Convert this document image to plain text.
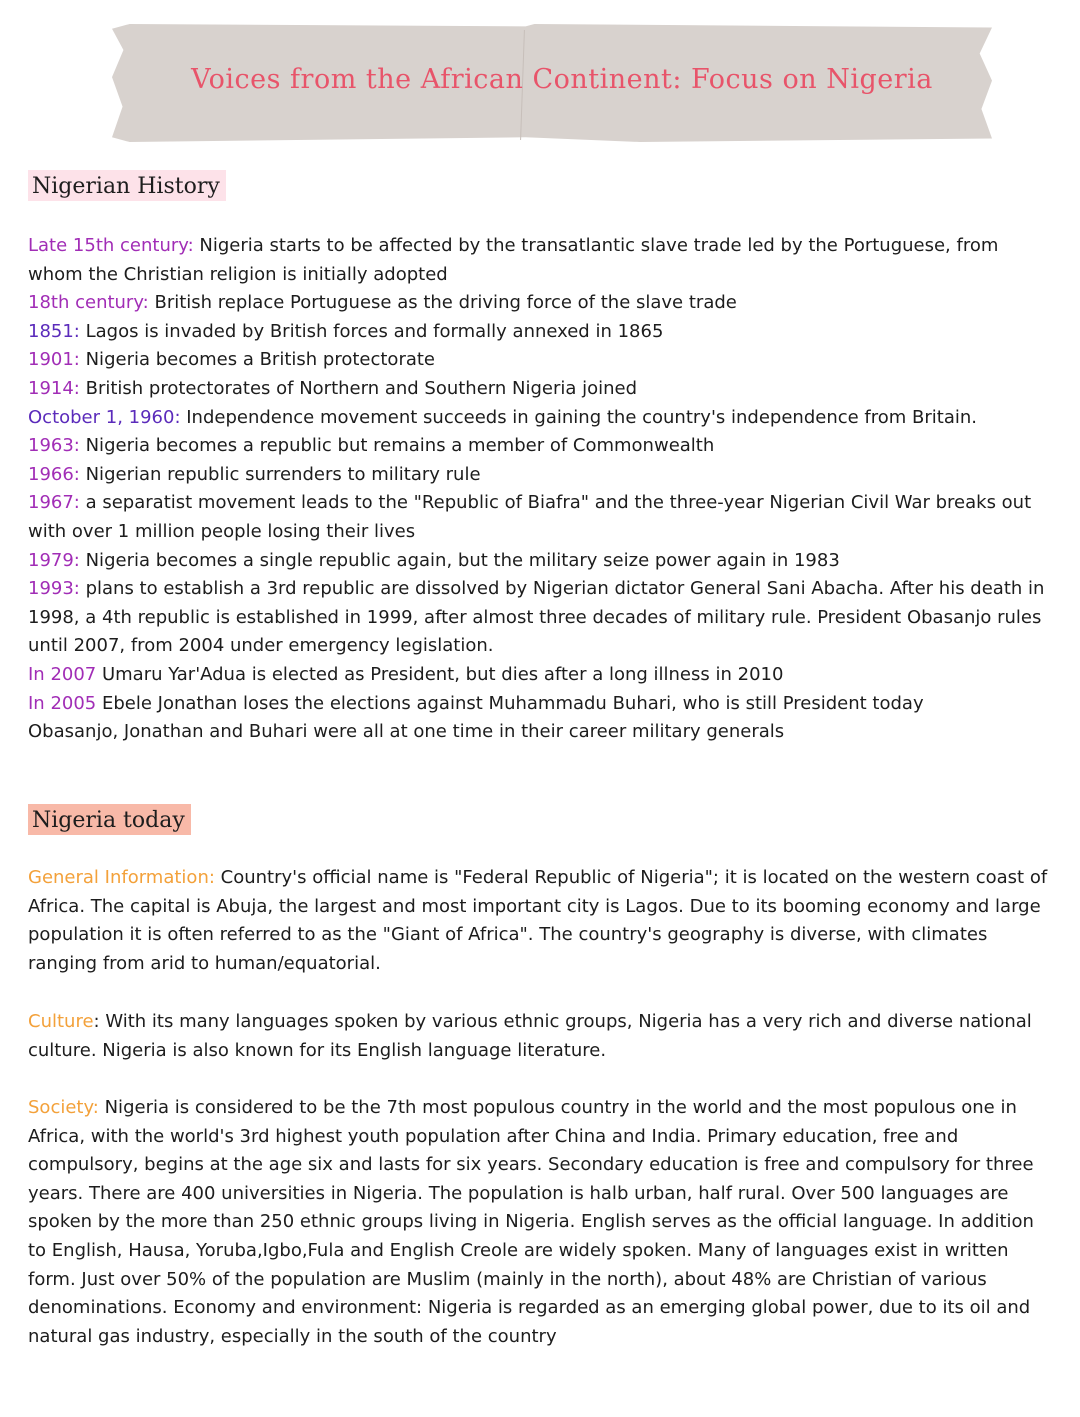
Voices from the African Continent: Focus on Nigeria
Nigerian History

Late 15th century: Nigeria starts to be affected by the transatlantic slave trade led by the Portuguese, from whom the Christian religion is initially adopted

18th century: British replace Portuguese as the driving force of the slave trade

1851: Lagos is invaded by British forces and formally annexed in 1865

1901: Nigeria becomes a British protectorate

1914: British protectorates of Northern and Southern Nigeria joined

October 1, 1960: Independence movement succeeds in gaining the country's independence from Britain.

1963: Nigeria becomes a republic but remains a member of Commonwealth

1966: Nigerian republic surrenders to military rule

1967: a separatist movement leads to the "Republic of Biafra" and the three-year Nigerian Civil War breaks out with over 1 million people losing their lives

1979: Nigeria becomes a single republic again, but the military seize power again in 1983

1993: plans to establish a 3rd republic are dissolved by Nigerian dictator General Sani Abacha. After his death in 1998, a 4th republic is established in 1999, after almost three decades of military rule. President Obasanjo rules until 2007, from 2004 under emergency legislation.

In 2007 Umaru Yar'Adua is elected as President, but dies after a long illness in 2010

In 2005 Ebele Jonathan loses the elections against Muhammadu Buhari, who is still President today

Obasanjo, Jonathan and Buhari were all at one time in their career military generals

Nigeria today

General Information: Country's official name is "Federal Republic of Nigeria"; it is located on the western coast of Africa. The capital is Abuja, the largest and most important city is Lagos. Due to its booming economy and large population it is often referred to as the "Giant of Africa". The country's geography is diverse, with climates ranging from arid to human/equatorial.

Culture: With its many languages spoken by various ethnic groups, Nigeria has a very rich and diverse national culture. Nigeria is also known for its English language literature.

Society: Nigeria is considered to be the 7th most populous country in the world and the most populous one in Africa, with the world's 3rd highest youth population after China and India. Primary education, free and compulsory, begins at the age six and lasts for six years. Secondary education is free and compulsory for three years. There are 400 universities in Nigeria. The population is halb urban, half rural. Over 500 languages are spoken by the more than 250 ethnic groups living in Nigeria. English serves as the official language. In addition to English, Hausa, Yoruba,Igbo,Fula and English Creole are widely spoken. Many of languages exist in written form. Just over 50% of the population are Muslim (mainly in the north), about 48% are Christian of various denominations. Economy and environment: Nigeria is regarded as an emerging global power, due to its oil and natural gas industry, especially in the south of the country
